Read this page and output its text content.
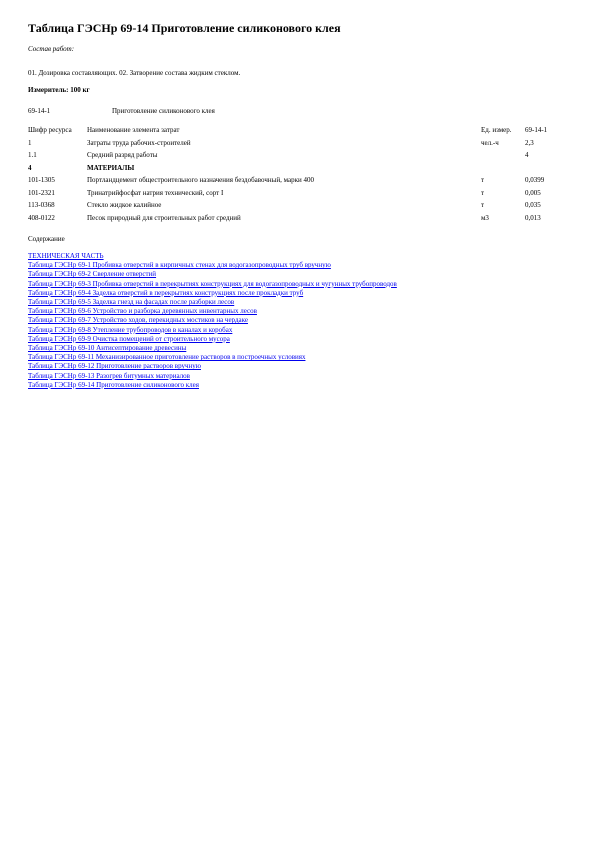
Таблица ГЭСНр 69-14 Приготовление силиконового клея
Состав работ:
01. Дозировка составляющих. 02. Затворение состава жидким стеклом.
Измеритель: 100 кг
69-14-1	Приготовление силиконового клея
Шифр ресурса	Наименование элемента затрат	Ед. измер.	69-14-1
1	Затраты труда рабочих-строителей	чел.-ч	2,3
1.1	Средний разряд работы		4
4	МАТЕРИАЛЫ		
101-1305	Портландцемент общестроительного назначения бездобавочный, марки 400	т	0,0399
101-2321	Тринатрийфосфат натрия технический, сорт I	т	0,005
113-0368	Стекло жидкое калийное	т	0,035
408-0122	Песок природный для строительных работ средний	м3	0,013
Содержание
ТЕХНИЧЕСКАЯ ЧАСТЬ
Таблица ГЭСНр 69-1 Пробивка отверстий в кирпичных стенах для водогазопроводных труб вручную
Таблица ГЭСНр 69-2 Сверление отверстий
Таблица ГЭСНр 69-3 Пробивка отверстий в перекрытиях конструкциях для водогазопроводных и чугунных трубопроводов
Таблица ГЭСНр 69-4 Заделка отверстий в перекрытиях конструкциях после прокладки труб
Таблица ГЭСНр 69-5 Заделка гнезд на фасадах после разборки лесов
Таблица ГЭСНр 69-6 Устройство и разборка деревянных инвентарных лесов
Таблица ГЭСНр 69-7 Устройство ходов, перекидных мостиков на чердаке
Таблица ГЭСНр 69-8 Утепление трубопроводов в каналах и коробах
Таблица ГЭСНр 69-9 Очистка помещений от строительного мусора
Таблица ГЭСНр 69-10 Антисептирование древесины
Таблица ГЭСНр 69-11 Механизированное приготовление растворов в построечных условиях
Таблица ГЭСНр 69-12 Приготовление растворов вручную
Таблица ГЭСНр 69-13 Разогрев битумных материалов
Таблица ГЭСНр 69-14 Приготовление силиконового клея
